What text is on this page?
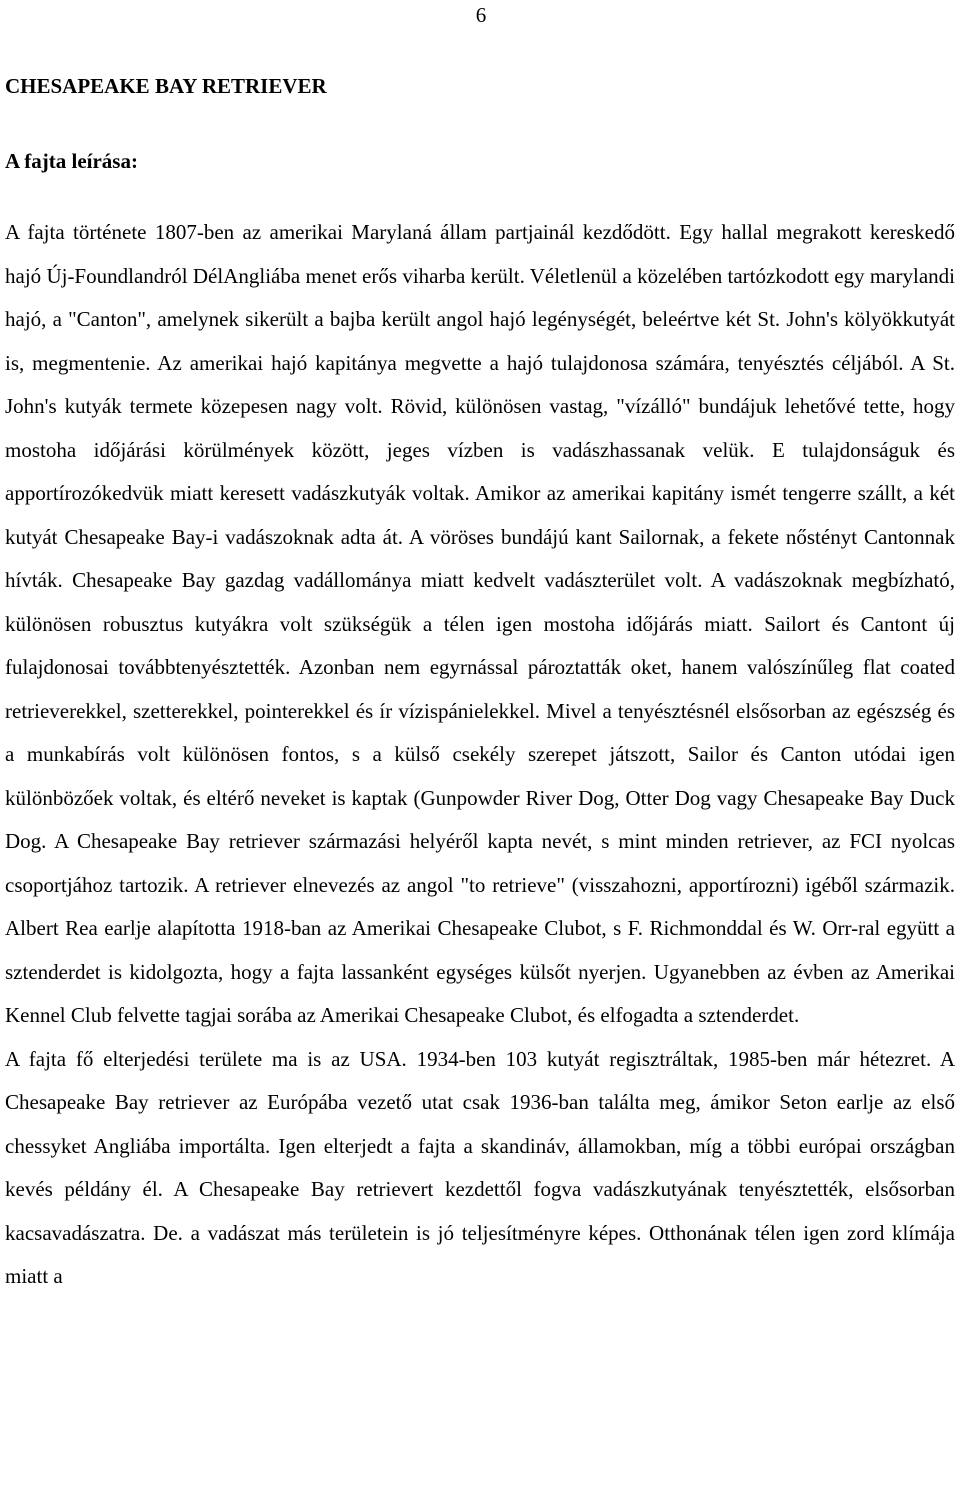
6
CHESAPEAKE BAY RETRIEVER
A fajta leírása:

A fajta története 1807-ben az amerikai Marylaná állam partjainál kezdődött. Egy hallal megrakott kereskedő hajó Új-Foundlandról DélAngliába menet erős viharba került. Véletlenül a közelében tartózkodott egy marylandi hajó, a "Canton", amelynek sikerült a bajba került angol hajó legénységét, beleértve két St. John's kölyökkutyát is, megmentenie. Az amerikai hajó kapitánya megvette a hajó tulajdonosa számára, tenyésztés céljából. A St. John's kutyák termete közepesen nagy volt. Rövid, különösen vastag, "vízálló" bundájuk lehetővé tette, hogy mostoha időjárási körülmények között, jeges vízben is vadászhassanak velük. E tulajdonságuk és apportírozókedvük miatt keresett vadászkutyák voltak. Amikor az amerikai kapitány ismét tengerre szállt, a két kutyát Chesapeake Bay-i vadászoknak adta át. A vöröses bundájú kant Sailornak, a fekete nőstényt Cantonnak hívták. Chesapeake Bay gazdag vadállománya miatt kedvelt vadászterület volt. A vadászoknak megbízható, különösen robusztus kutyákra volt szükségük a télen igen mostoha időjárás miatt. Sailort és Cantont új fulajdonosai továbbtenyésztették. Azonban nem egyrnással pároztatták oket, hanem valószínűleg flat coated retrieverekkel, szetterekkel, pointerekkel és ír vízispánielekkel. Mivel a tenyésztésnél elsősorban az egészség és a munkabírás volt különösen fontos, s a külső csekély szerepet játszott, Sailor és Canton utódai igen különbözőek voltak, és eltérő neveket is kaptak (Gunpowder River Dog, Otter Dog vagy Chesapeake Bay Duck Dog. A Chesapeake Bay retriever származási helyéről kapta nevét, s mint minden retriever, az FCI nyolcas csoportjához tartozik. A retriever elnevezés az angol "to retrieve" (visszahozni, apportírozni) igéből származik. Albert Rea earlje alapította 1918-ban az Amerikai Chesapeake Clubot, s F. Richmonddal és W. Orr-ral együtt a sztenderdet is kidolgozta, hogy a fajta lassanként egységes külsőt nyerjen. Ugyanebben az évben az Amerikai Kennel Club felvette tagjai sorába az Amerikai Chesapeake Clubot, és elfogadta a sztenderdet.

A fajta fő elterjedési területe ma is az USA. 1934-ben 103 kutyát regisztráltak, 1985-ben már hétezret. A Chesapeake Bay retriever az Európába vezető utat csak 1936-ban találta meg, ámikor Seton earlje az első chessyket Angliába importálta. Igen elterjedt a fajta a skandináv, államokban, míg a többi európai országban kevés példány él. A Chesapeake Bay retrievert kezdettől fogva vadászkutyának tenyésztették, elsősorban kacsavadászatra. De. a vadászat más területein is jó teljesítményre képes. Otthonának télen igen zord klímája miatt a
